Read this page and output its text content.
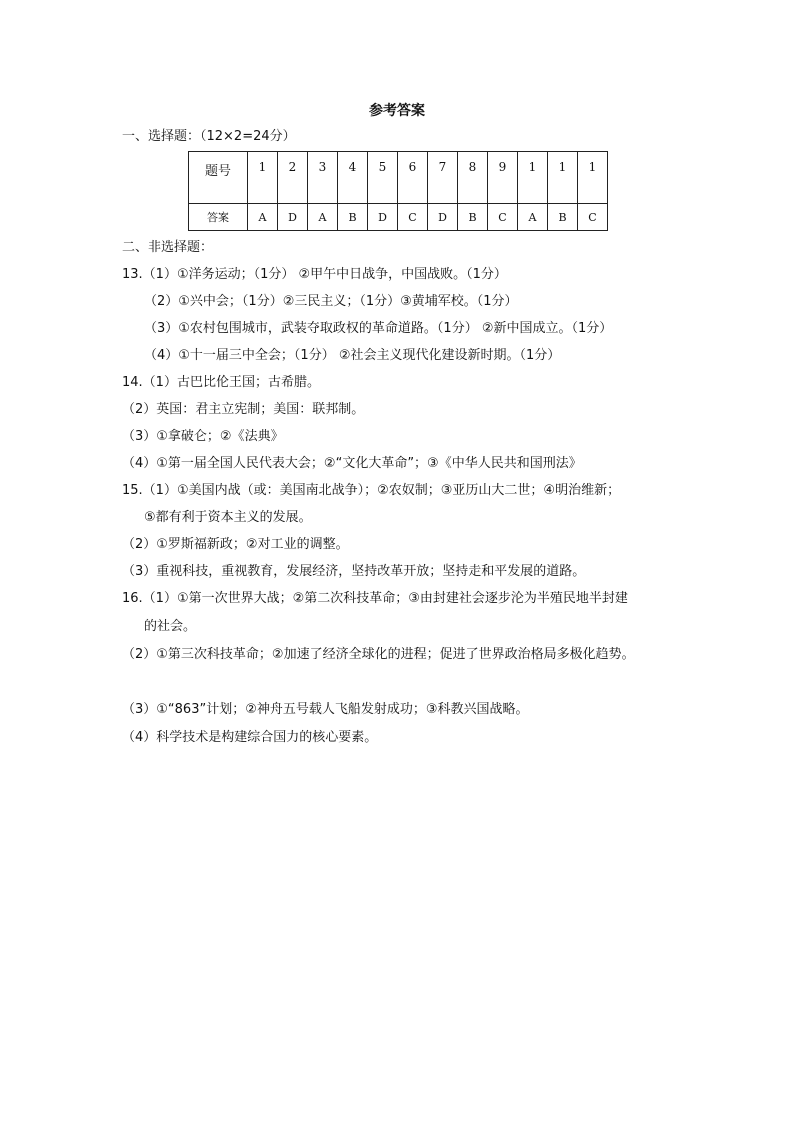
参考答案
一、选择题：（12×2=24分）
题号	1	2	3	4	5	6	7	8	9	1	1	1
答案	A	D	A	B	D	C	D	B	C	A	B	C
二、非选择题：
13.（1）①洋务运动；（1分） ②甲午中日战争，中国战败。（1分）
（2）①兴中会；（1分）②三民主义；（1分）③黄埔军校。（1分）
（3）①农村包围城市，武装夺取政权的革命道路。（1分） ②新中国成立。（1分）
（4）①十一届三中全会；（1分） ②社会主义现代化建设新时期。（1分）
14.（1）古巴比伦王国；古希腊。
（2）英国：君主立宪制；美国：联邦制。
（3）①拿破仑；②《法典》
（4）①第一届全国人民代表大会；②“文化大革命”；③《中华人民共和国刑法》
15.（1）①美国内战（或：美国南北战争）；②农奴制；③亚历山大二世；④明治维新；
⑤都有利于资本主义的发展。
（2）①罗斯福新政；②对工业的调整。
（3）重视科技，重视教育，发展经济，坚持改革开放；坚持走和平发展的道路。
16.（1）①第一次世界大战；②第二次科技革命；③由封建社会逐步沦为半殖民地半封建
的社会。
（2）①第三次科技革命；②加速了经济全球化的进程；促进了世界政治格局多极化趋势。
（3）①“863”计划；②神舟五号载人飞船发射成功；③科教兴国战略。
（4）科学技术是构建综合国力的核心要素。
